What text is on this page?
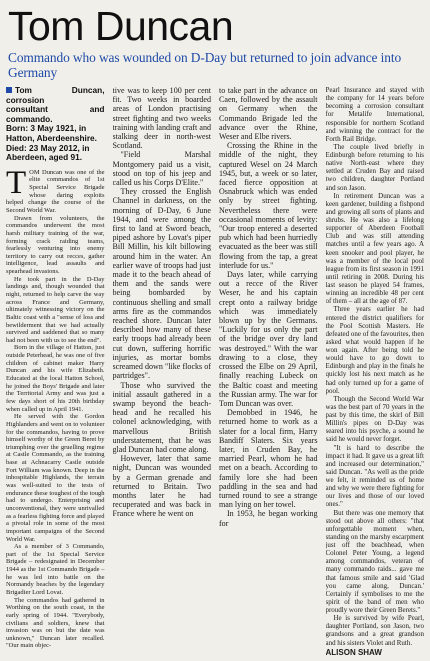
Tom Duncan
Commando who was wounded on D-Day but returned to join advance into Germany
Tom Duncan, corrosion
consultant and commando.
Born: 3 May 1921, in
Hatton, Aberdeenshire.
Died: 23 May 2012, in
Aberdeen, aged 91.

TOM Duncan was one of the elite commandos of 1st Special Service Brigade whose daring exploits helped change the course of the Second World War.

Drawn from volunteers, the commandos underwent the most harsh military training of the war, forming crack raiding teams, fearlessly venturing into enemy territory to carry out recces, gather intelligence, lead assaults and spearhead invasions.

He took part in the D-Day landings and, though wounded that night, returned to help carve the way across France and Germany, ultimately witnessing victory on the Baltic coast with a "sense of loss and bewilderment that we had actually survived and saddened that so many had not been with us to see the end".

Born in the village of Hatton, just outside Peterhead, he was one of five children of cabinet maker Harry Duncan and his wife Elizabeth. Educated at the local Hatton School, he joined the Boys' Brigade and later the Territorial Army and was just a few days short of his 20th birthday when called up in April 1941.

He served with the Gordon Highlanders and went on to volunteer for the commandos, having to prove himself worthy of the Green Beret by triumphing over the gruelling regime at Castle Commando, as the training base at Achnacarry Castle outside Fort William was known. Deep in the inhospitable Highlands, the terrain was well-suited to the tests of endurance these toughest of the tough had to undergo. Enterprising and unconventional, they were unrivalled as a fearless fighting force and played a pivotal role in some of the most important campaigns of the Second World War.

As a member of 3 Commando, part of the 1st Special Service Brigade – redesignated in December 1944 as the 1st Commando Brigade – he was led into battle on the Normandy beaches by the legendary Brigadier Lord Lovat.

The commandos had gathered in Worthing on the south coast, in the early spring of 1944. "Everybody, civilians and soldiers, knew that invasion was on but the date was unknown," Duncan later recalled. "Our main objec-

tive was to keep 100 per cent fit. Two weeks in boarded areas of London practising street fighting and two weeks training with landing craft and stalking deer in north-west Scotland.

"Field Marshal Montgomery paid us a visit, stood on top of his jeep and called us his Corps D'Elite."

They crossed the English Channel in darkness, on the morning of D-Day, 6 June 1944, and were among the first to land at Sword beach, piped ashore by Lovat's piper Bill Millin, his kilt billowing around him in the water. An earlier wave of troops had just made it to the beach ahead of them and the sands were being bombarded by continuous shelling and small arms fire as the commandos reached shore. Duncan later described how many of these early troops had already been cut down, suffering horrific injuries, as mortar bombs screamed down "like flocks of partridges".

Those who survived the initial assault gathered in a swamp beyond the beach-head and he recalled his colonel acknowledging, with marvellous British understatement, that he was glad Duncan had come along.

However, later that same night, Duncan was wounded by a German grenade and returned to Britain. Two months later he had recuperated and was back in France where he went on

to take part in the advance on Caen, followed by the assault on Germany when the Commando Brigade led the advance over the Rhine, Weser and Elbe rivers.

Crossing the Rhine in the middle of the night, they captured Wesel on 24 March 1945, but, a week or so later, faced fierce opposition at Osnabruck which was ended only by street fighting. Nevertheless there were occasional moments of levity: "Our troop entered a deserted pub which had been hurriedly evacuated as the beer was still flowing from the tap, a great interlude for us."

Days later, while carrying out a recce of the River Weser, he and his captain crept onto a railway bridge which was immediately blown up by the Germans. "Luckily for us only the part of the bridge over dry land was destroyed." With the war drawing to a close, they crossed the Elbe on 29 April, finally reaching Lubeck on the Baltic coast and meeting the Russian army. The war for Tom Duncan was over.

Demobbed in 1946, he returned home to work as a slater for a local firm, Harry Bandiff Slaters. Six years later, in Cruden Bay, he married Pearl, whom he had met on a beach. According to family lore she had been paddling in the sea and had turned round to see a strange man lying on her towel.

In 1953, he began working for

Pearl Insurance and stayed with the company for 14 years before becoming a corrosion consultant for Metalife International, responsible for northern Scotland and winning the contract for the Forth Rail Bridge.

The couple lived briefly in Edinburgh before returning to his native North-east where they settled at Cruden Bay and raised two children, daughter Portland and son Jason.

In retirement Duncan was a keen gardener, building a fishpond and growing all sorts of plants and shrubs. He was also a lifelong supporter of Aberdeen Football Club and was still attending matches until a few years ago. A keen snooker and pool player, he was a member of the local pool league from its first season in 1991 until retiring in 2008. During his last season he played 54 frames, winning an incredible 48 per cent of them – all at the age of 87.

Three years earlier he had entered the district qualifiers for the Pool Scottish Masters. He defeated one of the favourites, then asked what would happen if he won again. After being told he would have to go down to Edinburgh and play in the finals he quickly lost his next match as he had only turned up for a game of pool.

Though the Second World War was the best part of 70 years in the past by this time, the skirl of Bill Millin's pipes on D-Day was seared into his psyche, a sound he said he would never forget.

"It is hard to describe the impact it had. It gave us a great lift and increased our determination," said Duncan. "As well as the pride we felt, it reminded us of home and why we were there fighting for our lives and those of our loved ones."

But there was one memory that stood out above all others: "that unforgettable moment when, standing on the marshy escarpment just off the beachhead, when Colonel Peter Young, a legend among commandos, veteran of many commando raids... gave me that famous smile and said 'Glad you came along, Duncan.' Certainly if symbolises to me the spirit of the band of men who proudly wore their Green Berets."

He is survived by wife Pearl, daughter Portland, son Jason, two grandsons and a great grandson and his sisters Violet and Ruth.

ALISON SHAW
